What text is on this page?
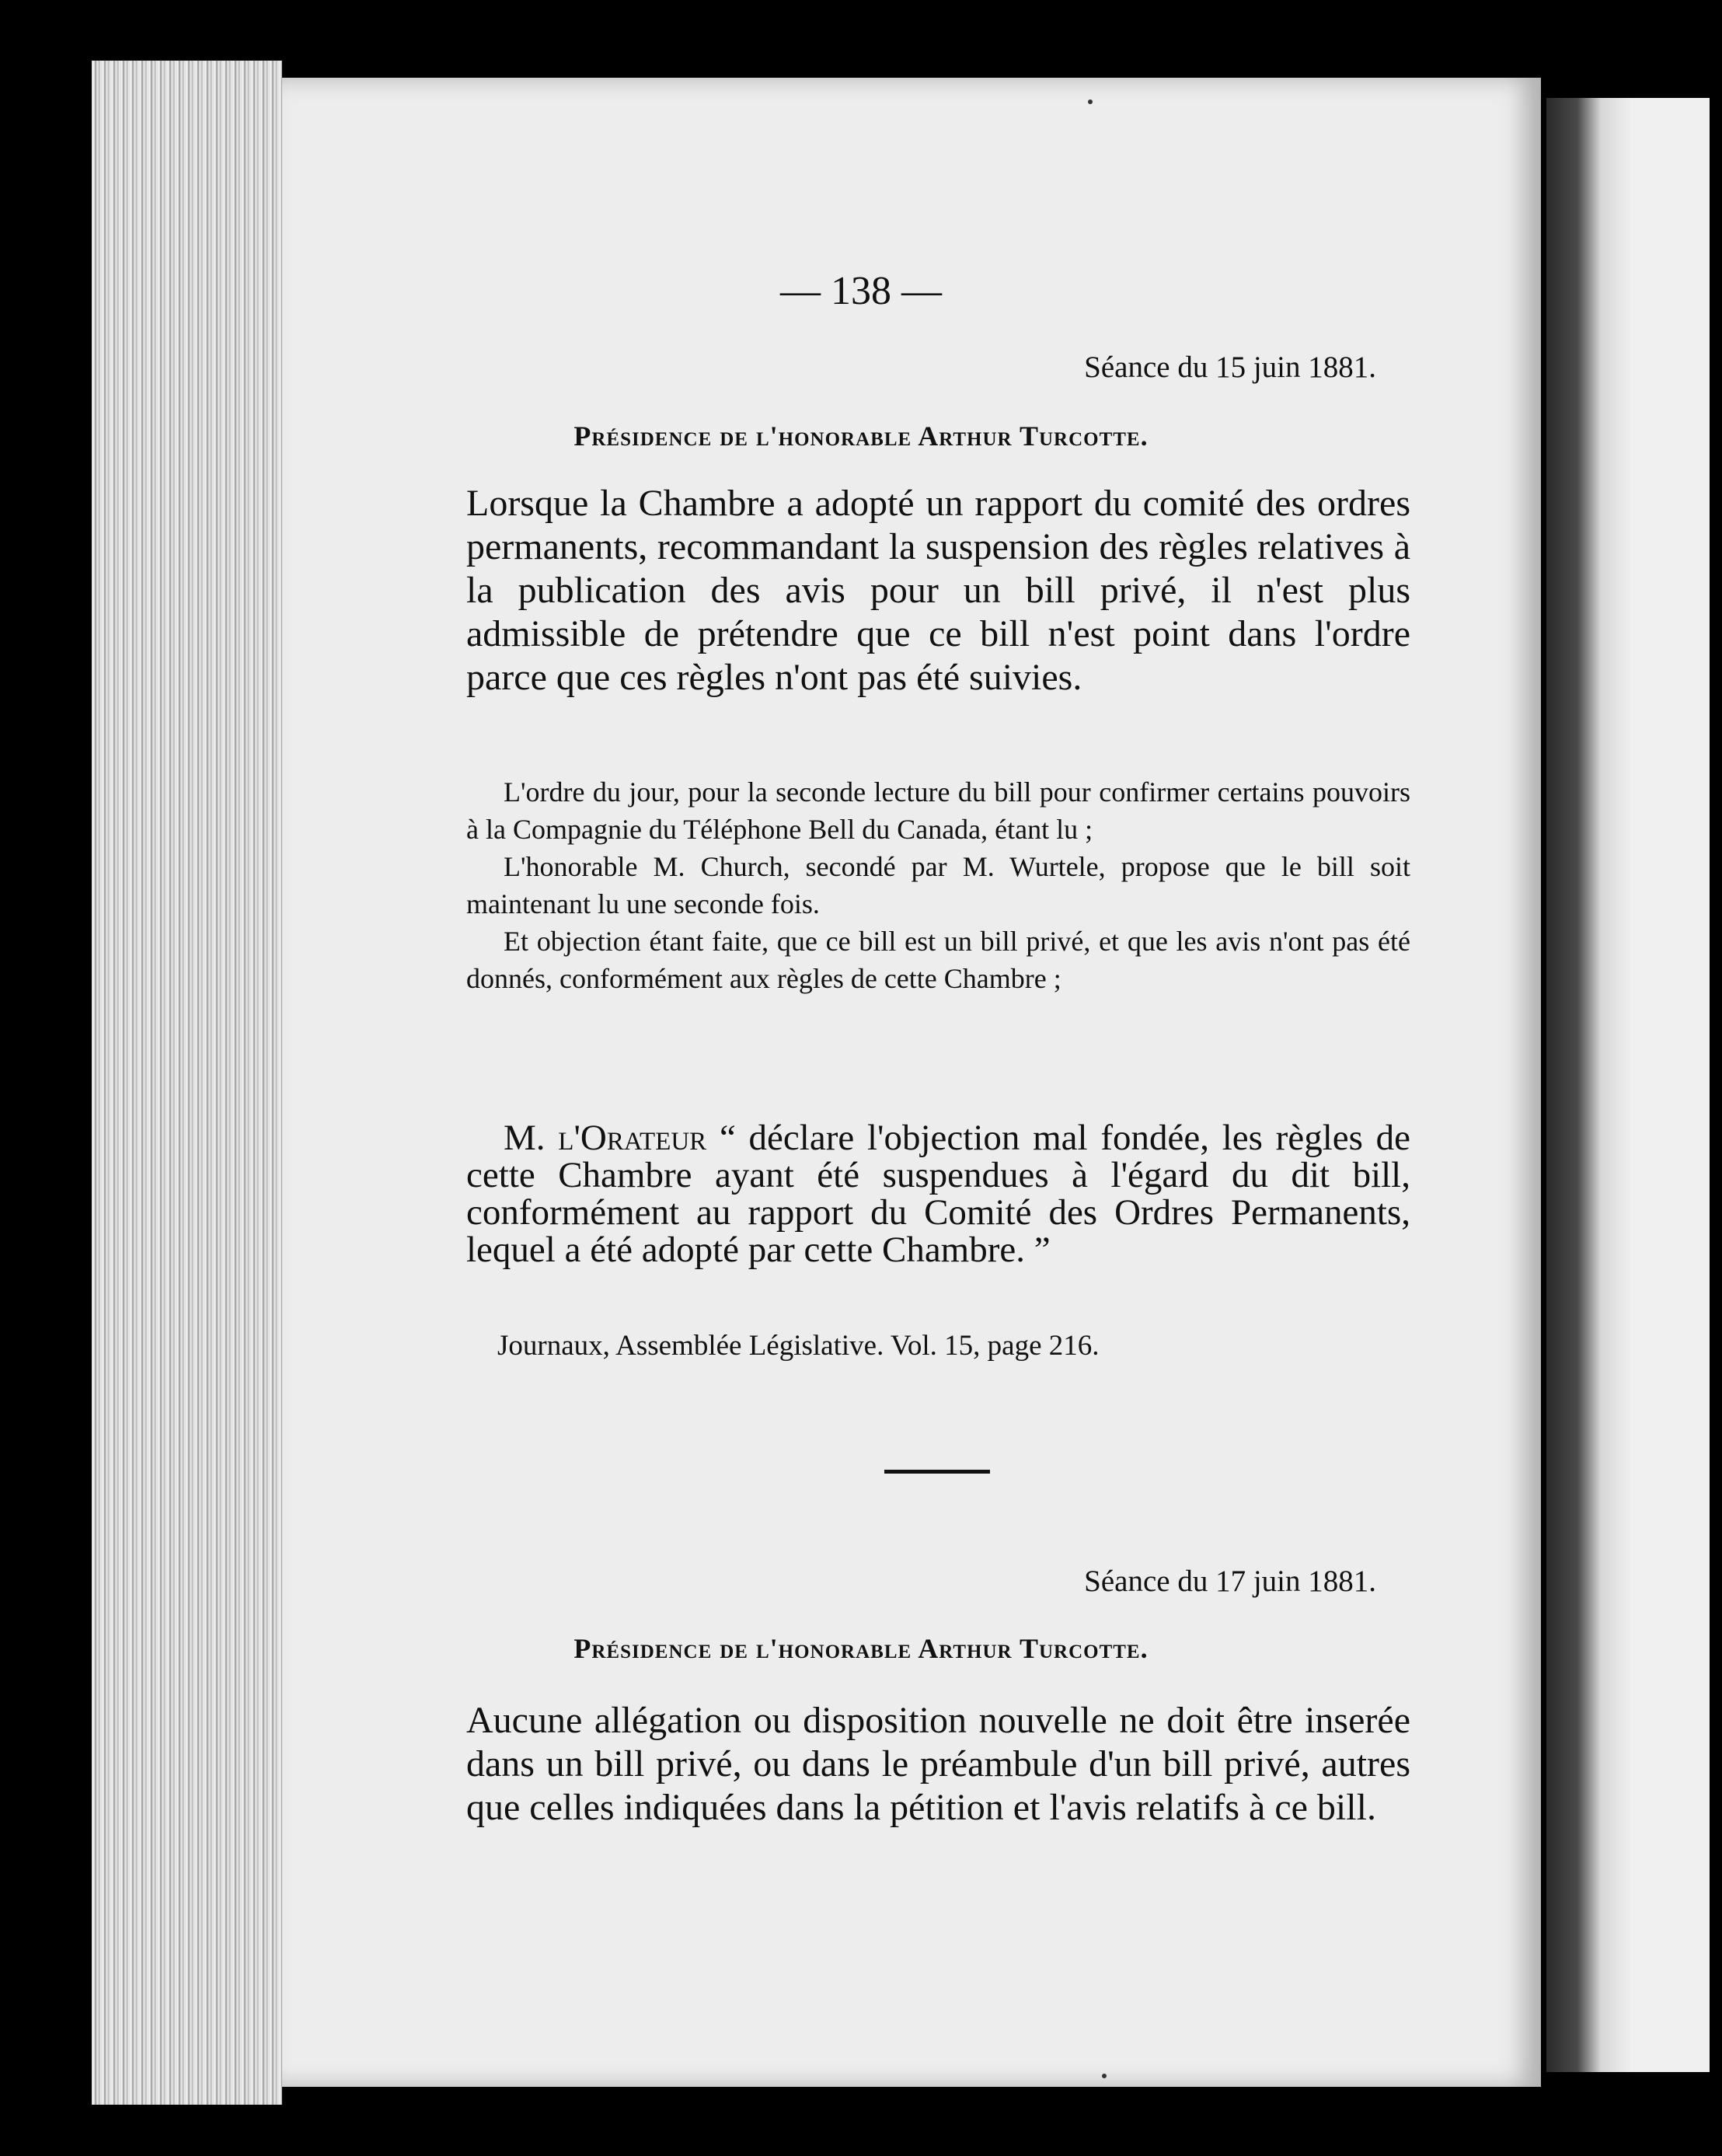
— 138 —
Séance du 15 juin 1881.
Présidence de l'honorable Arthur Turcotte.
Lorsque la Chambre a adopté un rapport du comité des ordres permanents, recommandant la suspension des règles relatives à la publication des avis pour un bill privé, il n'est plus admissible de prétendre que ce bill n'est point dans l'ordre parce que ces règles n'ont pas été suivies.

L'ordre du jour, pour la seconde lecture du bill pour confirmer certains pouvoirs à la Compagnie du Téléphone Bell du Canada, étant lu ;

L'honorable M. Church, secondé par M. Wurtele, propose que le bill soit maintenant lu une seconde fois.

Et objection étant faite, que ce bill est un bill privé, et que les avis n'ont pas été donnés, conformément aux règles de cette Chambre ;

M. l'Orateur “ déclare l'objection mal fondée, les règles de cette Chambre ayant été suspendues à l'égard du dit bill, conformément au rapport du Comité des Ordres Permanents, lequel a été adopté par cette Chambre. ”
Journaux, Assemblée Législative. Vol. 15, page 216.
Séance du 17 juin 1881.
Présidence de l'honorable Arthur Turcotte.
Aucune allégation ou disposition nouvelle ne doit être inserée dans un bill privé, ou dans le préambule d'un bill privé, autres que celles indiquées dans la pétition et l'avis relatifs à ce bill.
